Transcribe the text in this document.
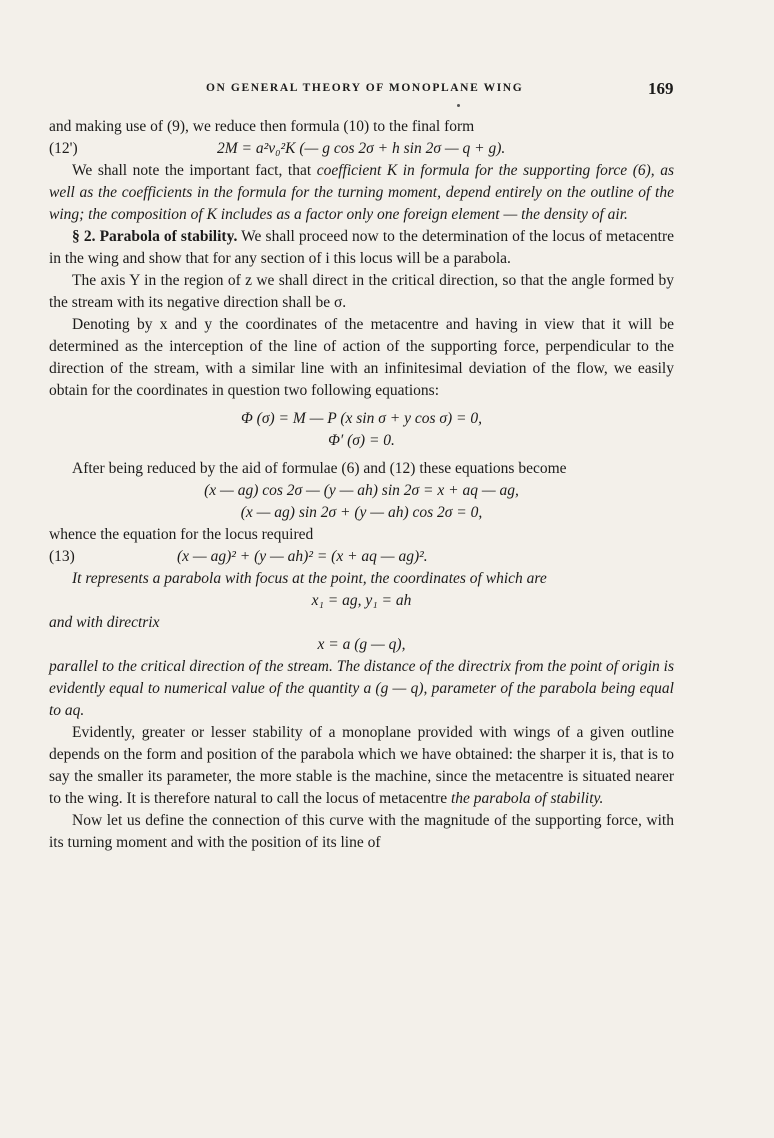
ON GENERAL THEORY OF MONOPLANE WING	169

and making use of (9), we reduce then formula (10) to the final form

(12')	2M = a²v₀²K (— g cos 2σ + h sin 2σ — q + g).

We shall note the important fact, that coefficient K in formula for the supporting force (6), as well as the coefficients in the formula for the turning moment, depend entirely on the outline of the wing; the composition of K includes as a factor only one foreign element — the density of air.

§ 2. Parabola of stability. We shall proceed now to the determination of the locus of metacentre in the wing and show that for any section of i this locus will be a parabola.

The axis Y in the region of z we shall direct in the critical direction, so that the angle formed by the stream with its negative direction shall be σ.

Denoting by x and y the coordinates of the metacentre and having in view that it will be determined as the interception of the line of action of the supporting force, perpendicular to the direction of the stream, with a similar line with an infinitesimal deviation of the flow, we easily obtain for the coordinates in question two following equations:

Φ (σ) = M — P (x sin σ + y cos σ) = 0,
Φ′ (σ) = 0.

After being reduced by the aid of formulae (6) and (12) these equations become

(x — ag) cos 2σ — (y — ah) sin 2σ = x + aq — ag,
(x — ag) sin 2σ + (y — ah) cos 2σ = 0,

whence the equation for the locus required

(13)	(x — ag)² + (y — ah)² = (x + aq — ag)².

It represents a parabola with focus at the point, the coordinates of which are

x₁ = ag, y₁ = ah

and with directrix

x = a (g — q),

parallel to the critical direction of the stream. The distance of the directrix from the point of origin is evidently equal to numerical value of the quantity a (g — q), parameter of the parabola being equal to aq.

Evidently, greater or lesser stability of a monoplane provided with wings of a given outline depends on the form and position of the parabola which we have obtained: the sharper it is, that is to say the smaller its parameter, the more stable is the machine, since the metacentre is situated nearer to the wing. It is therefore natural to call the locus of metacentre the parabola of stability.

Now let us define the connection of this curve with the magnitude of the supporting force, with its turning moment and with the position of its line of
